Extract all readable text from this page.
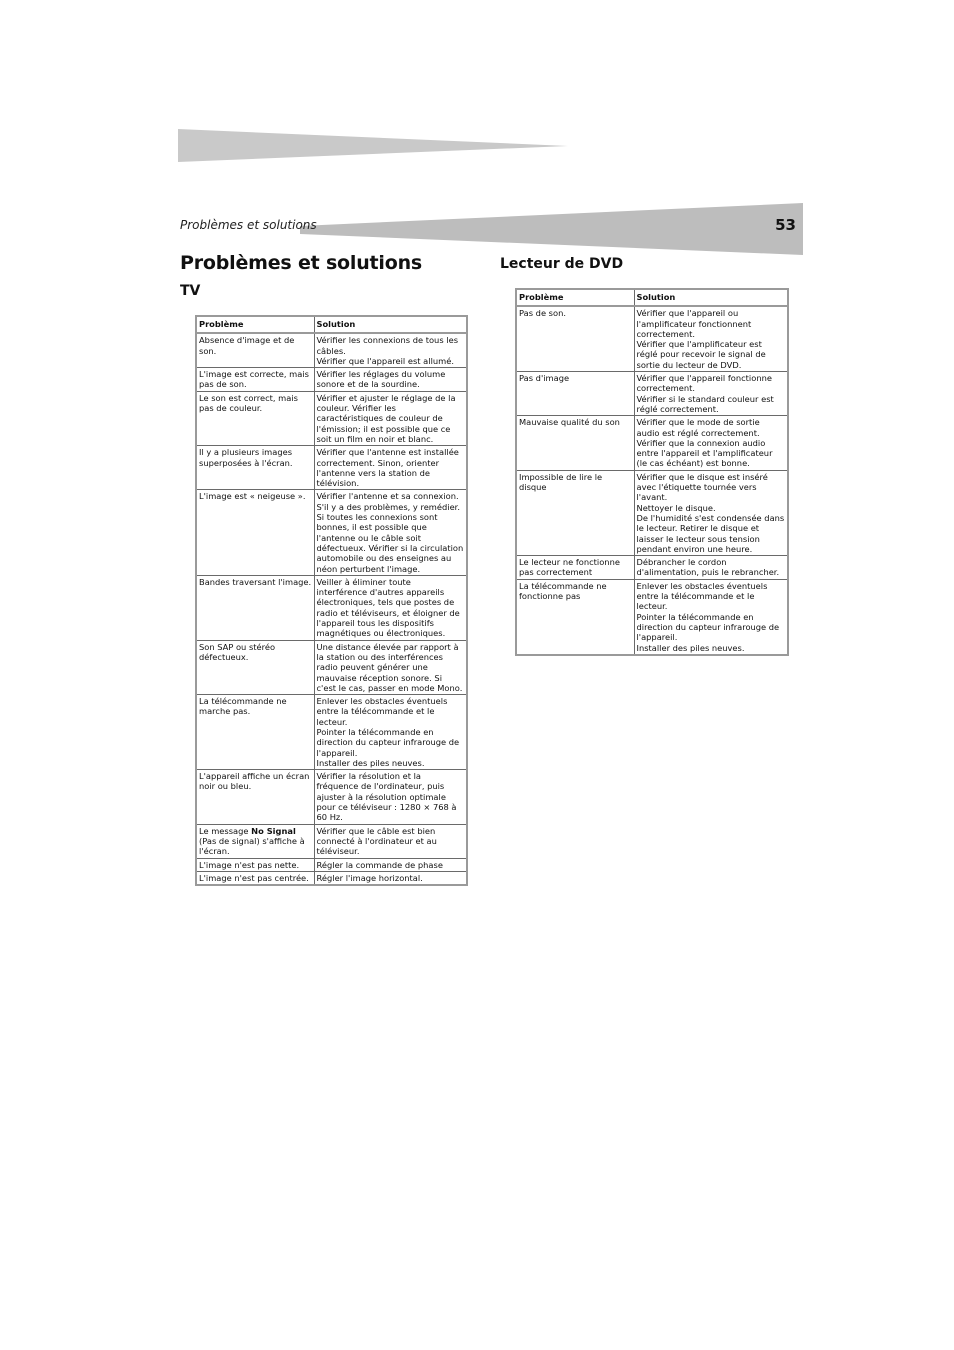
Problèmes et solutions	53
Problèmes et solutions
TV
Lecteur de DVD
Problème	Solution
Absence d'image et de son.	Vérifier les connexions de tous les câbles.
Vérifier que l'appareil est allumé.
L'image est correcte, mais pas de son.	Vérifier les réglages du volume sonore et de la sourdine.
Le son est correct, mais pas de couleur.	Vérifier et ajuster le réglage de la couleur. Vérifier les caractéristiques de couleur de l'émission; il est possible que ce soit un film en noir et blanc.
Il y a plusieurs images superposées à l'écran.	Vérifier que l'antenne est installée correctement. Sinon, orienter l'antenne vers la station de télévision.
L'image est « neigeuse ».	Vérifier l'antenne et sa connexion. S'il y a des problèmes, y remédier. Si toutes les connexions sont bonnes, il est possible que l'antenne ou le câble soit défectueux. Vérifier si la circulation automobile ou des enseignes au néon perturbent l'image.
Bandes traversant l'image.	Veiller à éliminer toute interférence d'autres appareils électroniques, tels que postes de radio et téléviseurs, et éloigner de l'appareil tous les dispositifs magnétiques ou électroniques.
Son SAP ou stéréo défectueux.	Une distance élevée par rapport à la station ou des interférences radio peuvent générer une mauvaise réception sonore. Si c'est le cas, passer en mode Mono.
La télécommande ne marche pas.	Enlever les obstacles éventuels entre la télécommande et le lecteur.
Pointer la télécommande en direction du capteur infrarouge de l'appareil.
Installer des piles neuves.
L'appareil affiche un écran noir ou bleu.	Vérifier la résolution et la fréquence de l'ordinateur, puis ajuster à la résolution optimale pour ce téléviseur : 1280 × 768 à 60 Hz.
Le message No Signal (Pas de signal) s'affiche à l'écran.	Vérifier que le câble est bien connecté à l'ordinateur et au téléviseur.
L'image n'est pas nette.	Régler la commande de phase
L'image n'est pas centrée.	Régler l'image horizontal.
Problème	Solution
Pas de son.	Vérifier que l'appareil ou l'amplificateur fonctionnent correctement.
Vérifier que l'amplificateur est réglé pour recevoir le signal de sortie du lecteur de DVD.
Pas d'image	Vérifier que l'appareil fonctionne correctement.
Vérifier si le standard couleur est réglé correctement.
Mauvaise qualité du son	Vérifier que le mode de sortie audio est réglé correctement.
Vérifier que la connexion audio entre l'appareil et l'amplificateur (le cas échéant) est bonne.
Impossible de lire le disque	Vérifier que le disque est inséré avec l'étiquette tournée vers l'avant.
Nettoyer le disque.
De l'humidité s'est condensée dans le lecteur. Retirer le disque et laisser le lecteur sous tension pendant environ une heure.
Le lecteur ne fonctionne pas correctement	Débrancher le cordon d'alimentation, puis le rebrancher.
La télécommande ne fonctionne pas	Enlever les obstacles éventuels entre la télécommande et le lecteur.
Pointer la télécommande en direction du capteur infrarouge de l'appareil.
Installer des piles neuves.
